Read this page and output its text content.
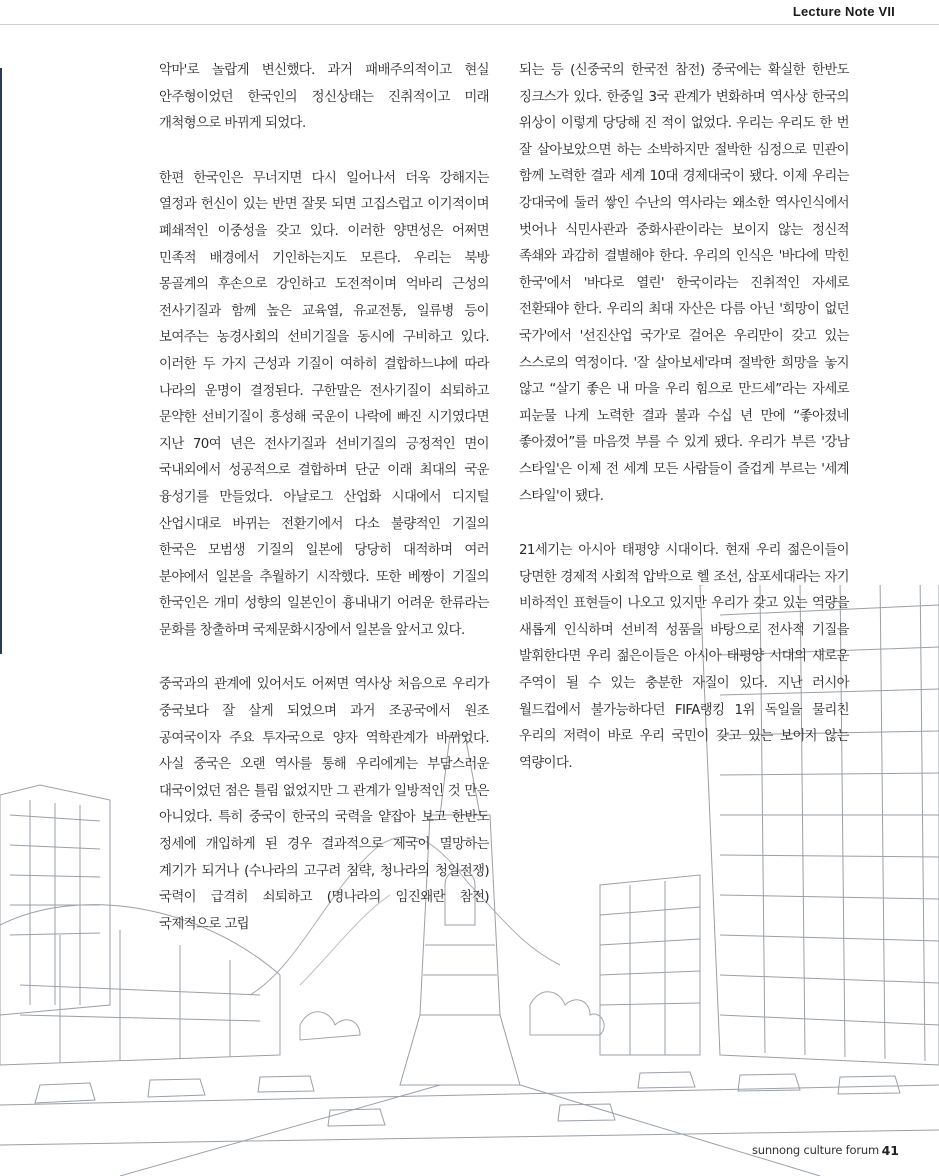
Lecture Note VII

악마'로 놀랍게 변신했다. 과거 패배주의적이고 현실 안주형이었던 한국인의 정신상태는 진취적이고 미래 개척형으로 바뀌게 되었다.

한편 한국인은 무너지면 다시 일어나서 더욱 강해지는 열정과 헌신이 있는 반면 잘못 되면 고집스럽고 이기적이며 폐쇄적인 이중성을 갖고 있다. 이러한 양면성은 어쩌면 민족적 배경에서 기인하는지도 모른다. 우리는 북방 몽골계의 후손으로 강인하고 도전적이며 억바리 근성의 전사기질과 함께 높은 교육열, 유교전통, 일류병 등이 보여주는 농경사회의 선비기질을 동시에 구비하고 있다. 이러한 두 가지 근성과 기질이 여하히 결합하느냐에 따라 나라의 운명이 결정된다. 구한말은 전사기질이 쇠퇴하고 문약한 선비기질이 흥성해 국운이 나락에 빠진 시기였다면 지난 70여 년은 전사기질과 선비기질의 긍정적인 면이 국내외에서 성공적으로 결합하며 단군 이래 최대의 국운 융성기를 만들었다. 아날로그 산업화 시대에서 디지털 산업시대로 바뀌는 전환기에서 다소 불량적인 기질의 한국은 모범생 기질의 일본에 당당히 대적하며 여러 분야에서 일본을 추월하기 시작했다. 또한 베짱이 기질의 한국인은 개미 성향의 일본인이 흉내내기 어려운 한류라는 문화를 창출하며 국제문화시장에서 일본을 앞서고 있다.

중국과의 관계에 있어서도 어쩌면 역사상 처음으로 우리가 중국보다 잘 살게 되었으며 과거 조공국에서 원조 공여국이자 주요 투자국으로 양자 역학관계가 바뀌었다. 사실 중국은 오랜 역사를 통해 우리에게는 부담스러운 대국이었던 점은 틀림 없었지만 그 관계가 일방적인 것 만은 아니었다. 특히 중국이 한국의 국력을 얕잡아 보고 한반도 정세에 개입하게 된 경우 결과적으로 제국이 멸망하는 계기가 되거나 (수나라의 고구려 침략, 청나라의 청일전쟁) 국력이 급격히 쇠퇴하고 (명나라의 임진왜란 참전) 국제적으로 고립

되는 등 (신중국의 한국전 참전) 중국에는 확실한 한반도 징크스가 있다. 한중일 3국 관계가 변화하며 역사상 한국의 위상이 이렇게 당당해 진 적이 없었다. 우리는 우리도 한 번 잘 살아보았으면 하는 소박하지만 절박한 심정으로 민관이 함께 노력한 결과 세계 10대 경제대국이 됐다. 이제 우리는 강대국에 둘러 쌓인 수난의 역사라는 왜소한 역사인식에서 벗어나 식민사관과 중화사관이라는 보이지 않는 정신적 족쇄와 과감히 결별해야 한다. 우리의 인식은 '바다에 막힌 한국'에서 '바다로 열린' 한국이라는 진취적인 자세로 전환돼야 한다. 우리의 최대 자산은 다름 아닌 '희망이 없던 국가'에서 '선진산업 국가'로 걸어온 우리만이 갖고 있는 스스로의 역정이다. '잘 살아보세'라며 절박한 희망을 놓지 않고 “살기 좋은 내 마을 우리 힘으로 만드세”라는 자세로 피눈물 나게 노력한 결과 불과 수십 년 만에 “좋아졌네 좋아졌어”를 마음껏 부를 수 있게 됐다. 우리가 부른 '강남 스타일'은 이제 전 세계 모든 사람들이 즐겁게 부르는 '세계 스타일'이 됐다.

21세기는 아시아 태평양 시대이다. 현재 우리 젊은이들이 당면한 경제적 사회적 압박으로 헬 조선, 삼포세대라는 자기 비하적인 표현들이 나오고 있지만 우리가 갖고 있는 역량을 새롭게 인식하며 선비적 성품을 바탕으로 전사적 기질을 발휘한다면 우리 젊은이들은 아시아 태평양 시대의 새로운 주역이 될 수 있는 충분한 자질이 있다. 지난 러시아 월드컵에서 불가능하다던 FIFA랭킹 1위 독일을 물리친 우리의 저력이 바로 우리 국민이 갖고 있는 보이지 않는 역량이다.

sunnong culture forum 41
